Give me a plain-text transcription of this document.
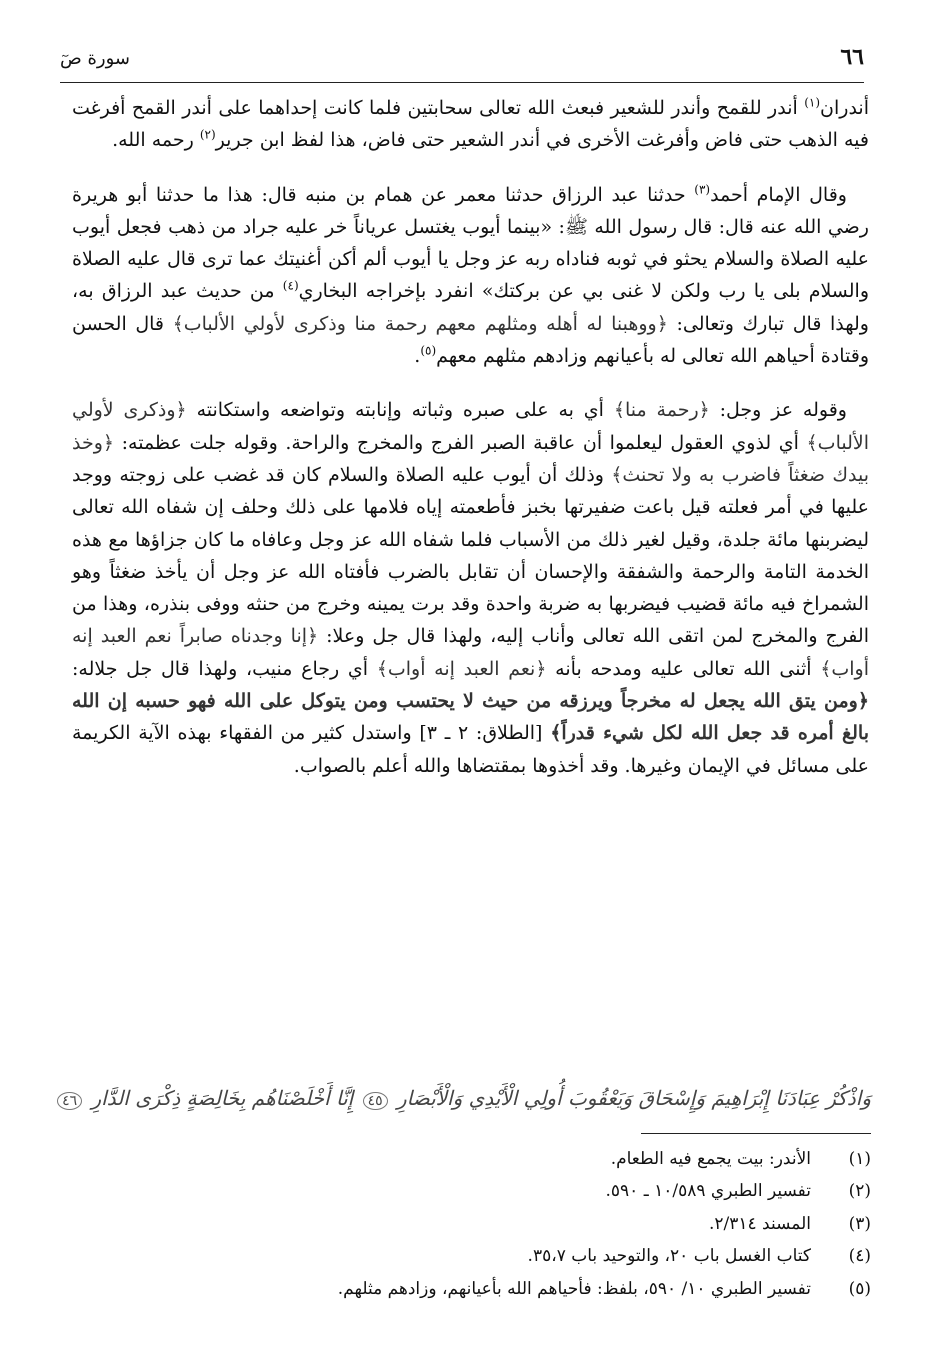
٦٦
سورة صٓ

أندران$^{(١)}$ أندر للقمح وأندر للشعير فبعث الله تعالى سحابتين فلما كانت إحداهما على أندر القمح أفرغت فيه الذهب حتى فاض وأفرغت الأخرى في أندر الشعير حتى فاض، هذا لفظ ابن جرير$^{(٢)}$ رحمه الله.

وقال الإمام أحمد$^{(٣)}$ حدثنا عبد الرزاق حدثنا معمر عن همام بن منبه قال: هذا ما حدثنا أبو هريرة رضي الله عنه قال: قال رسول الله ﷺ: «بينما أيوب يغتسل عرياناً خر عليه جراد من ذهب فجعل أيوب عليه الصلاة والسلام يحثو في ثوبه فناداه ربه عز وجل يا أيوب ألم أكن أغنيتك عما ترى قال عليه الصلاة والسلام بلى يا رب ولكن لا غنى بي عن بركتك» انفرد بإخراجه البخاري$^{(٤)}$ من حديث عبد الرزاق به، ولهذا قال تبارك وتعالى: ﴿ووهبنا له أهله ومثلهم معهم رحمة منا وذكرى لأولي الألباب﴾ قال الحسن وقتادة أحياهم الله تعالى له بأعيانهم وزادهم مثلهم معهم$^{(٥)}$.

وقوله عز وجل: ﴿رحمة منا﴾ أي به على صبره وثباته وإنابته وتواضعه واستكانته ﴿وذكرى لأولي الألباب﴾ أي لذوي العقول ليعلموا أن عاقبة الصبر الفرج والمخرج والراحة. وقوله جلت عظمته: ﴿وخذ بيدك ضغثاً فاضرب به ولا تحنث﴾ وذلك أن أيوب عليه الصلاة والسلام كان قد غضب على زوجته ووجد عليها في أمر فعلته قيل باعت ضفيرتها بخبز فأطعمته إياه فلامها على ذلك وحلف إن شفاه الله تعالى ليضربنها مائة جلدة، وقيل لغير ذلك من الأسباب فلما شفاه الله عز وجل وعافاه ما كان جزاؤها مع هذه الخدمة التامة والرحمة والشفقة والإحسان أن تقابل بالضرب فأفتاه الله عز وجل أن يأخذ ضغثاً وهو الشمراخ فيه مائة قضيب فيضربها به ضربة واحدة وقد برت يمينه وخرج من حنثه ووفى بنذره، وهذا من الفرج والمخرج لمن اتقى الله تعالى وأناب إليه، ولهذا قال جل وعلا: ﴿إنا وجدناه صابراً نعم العبد إنه أواب﴾ أثنى الله تعالى عليه ومدحه بأنه ﴿نعم العبد إنه أواب﴾ أي رجاع منيب، ولهذا قال جل جلاله: ﴿ومن يتق الله يجعل له مخرجاً ويرزقه من حيث لا يحتسب ومن يتوكل على الله فهو حسبه إن الله بالغ أمره قد جعل الله لكل شيء قدراً﴾ [الطلاق: ٢ ـ ٣] واستدل كثير من الفقهاء بهذه الآية الكريمة على مسائل في الإيمان وغيرها. وقد أخذوها بمقتضاها والله أعلم بالصواب.

وَاذْكُرْ عِبَادَنَا إِبْرَاهِيمَ وَإِسْحَاقَ وَيَعْقُوبَ أُولِي الْأَيْدِي وَالْأَبْصَارِ ٤٥ إِنَّا أَخْلَصْنَاهُم بِخَالِصَةٍ ذِكْرَى الدَّارِ ٤٦
(١)
الأندر: بيت يجمع فيه الطعام.
(٢)
تفسير الطبري ١٠/٥٨٩ ـ ٥٩٠.
(٣)
المسند ٢/٣١٤.
(٤)
كتاب الغسل باب ٢٠، والتوحيد باب ٣٥،٧.
(٥)
تفسير الطبري ١٠/ ٥٩٠، بلفظ: فأحياهم الله بأعيانهم، وزادهم مثلهم.
